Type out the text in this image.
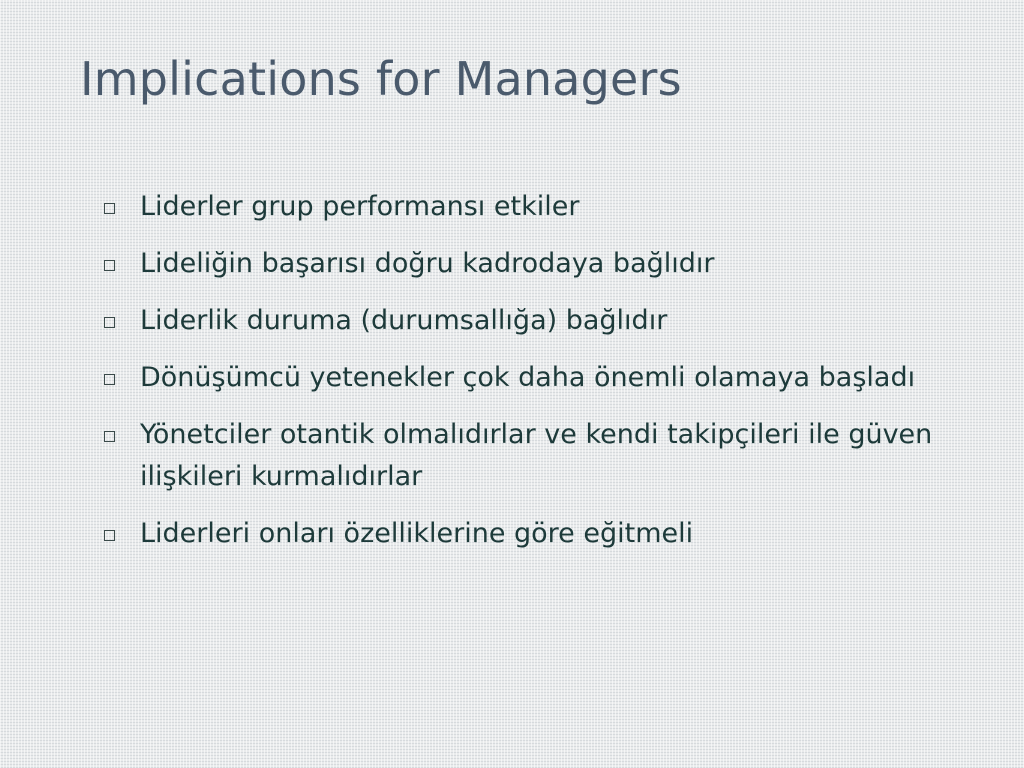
Implications for Managers
Liderler grup performansı etkiler
Lideliğin başarısı doğru kadrodaya bağlıdır
Liderlik duruma (durumsallığa) bağlıdır
Dönüşümcü yetenekler çok daha önemli olamaya başladı
Yönetciler otantik olmalıdırlar ve kendi takipçileri ile güven ilişkileri kurmalıdırlar
Liderleri onları özelliklerine göre eğitmeli
